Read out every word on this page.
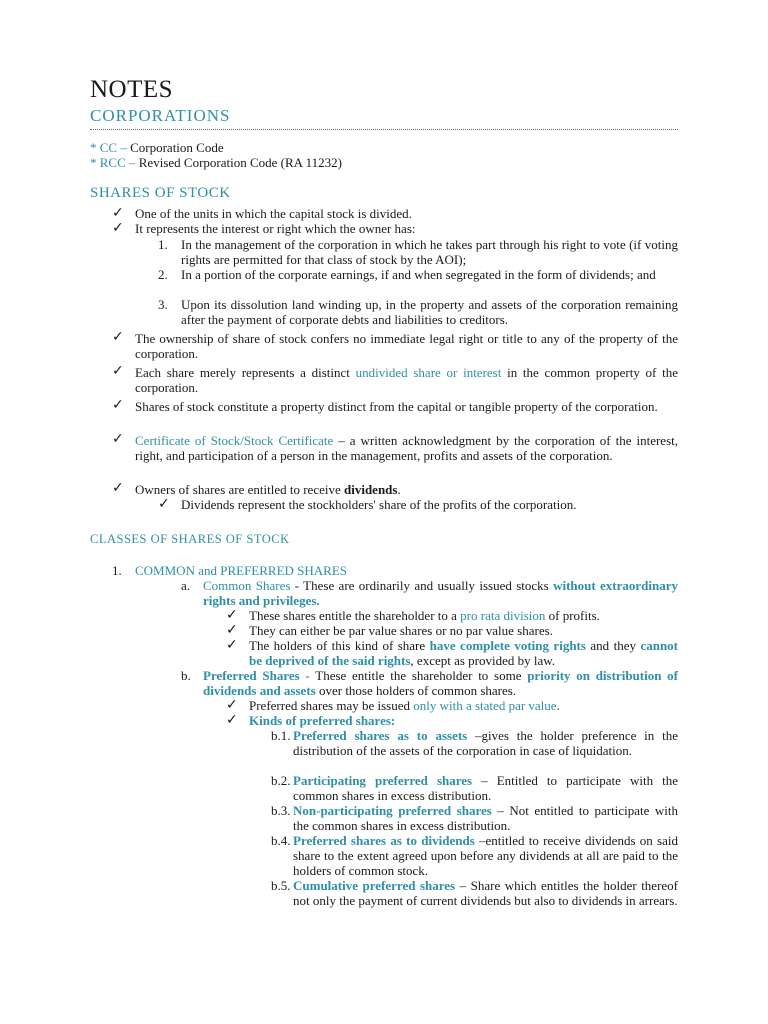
NOTES
CORPORATIONS
* CC – Corporation Code
* RCC – Revised Corporation Code (RA 11232)
SHARES OF STOCK
✓ One of the units in which the capital stock is divided.
✓ It represents the interest or right which the owner has:
1. In the management of the corporation in which he takes part through his right to vote (if voting rights are permitted for that class of stock by the AOI);
2. In a portion of the corporate earnings, if and when segregated in the form of dividends; and
3. Upon its dissolution land winding up, in the property and assets of the corporation remaining after the payment of corporate debts and liabilities to creditors.
✓ The ownership of share of stock confers no immediate legal right or title to any of the property of the corporation.
✓ Each share merely represents a distinct undivided share or interest in the common property of the corporation.
✓ Shares of stock constitute a property distinct from the capital or tangible property of the corporation.
✓ Certificate of Stock/Stock Certificate – a written acknowledgment by the corporation of the interest, right, and participation of a person in the management, profits and assets of the corporation.
✓ Owners of shares are entitled to receive dividends.
✓ Dividends represent the stockholders' share of the profits of the corporation.
CLASSES OF SHARES OF STOCK
1. COMMON and PREFERRED SHARES
a. Common Shares - These are ordinarily and usually issued stocks without extraordinary rights and privileges.
✓ These shares entitle the shareholder to a pro rata division of profits.
✓ They can either be par value shares or no par value shares.
✓ The holders of this kind of share have complete voting rights and they cannot be deprived of the said rights, except as provided by law.
b. Preferred Shares - These entitle the shareholder to some priority on distribution of dividends and assets over those holders of common shares.
✓ Preferred shares may be issued only with a stated par value.
✓ Kinds of preferred shares:
b.1. Preferred shares as to assets –gives the holder preference in the distribution of the assets of the corporation in case of liquidation.
b.2. Participating preferred shares – Entitled to participate with the common shares in excess distribution.
b.3. Non-participating preferred shares – Not entitled to participate with the common shares in excess distribution.
b.4. Preferred shares as to dividends –entitled to receive dividends on said share to the extent agreed upon before any dividends at all are paid to the holders of common stock.
b.5. Cumulative preferred shares – Share which entitles the holder thereof not only the payment of current dividends but also to dividends in arrears.
